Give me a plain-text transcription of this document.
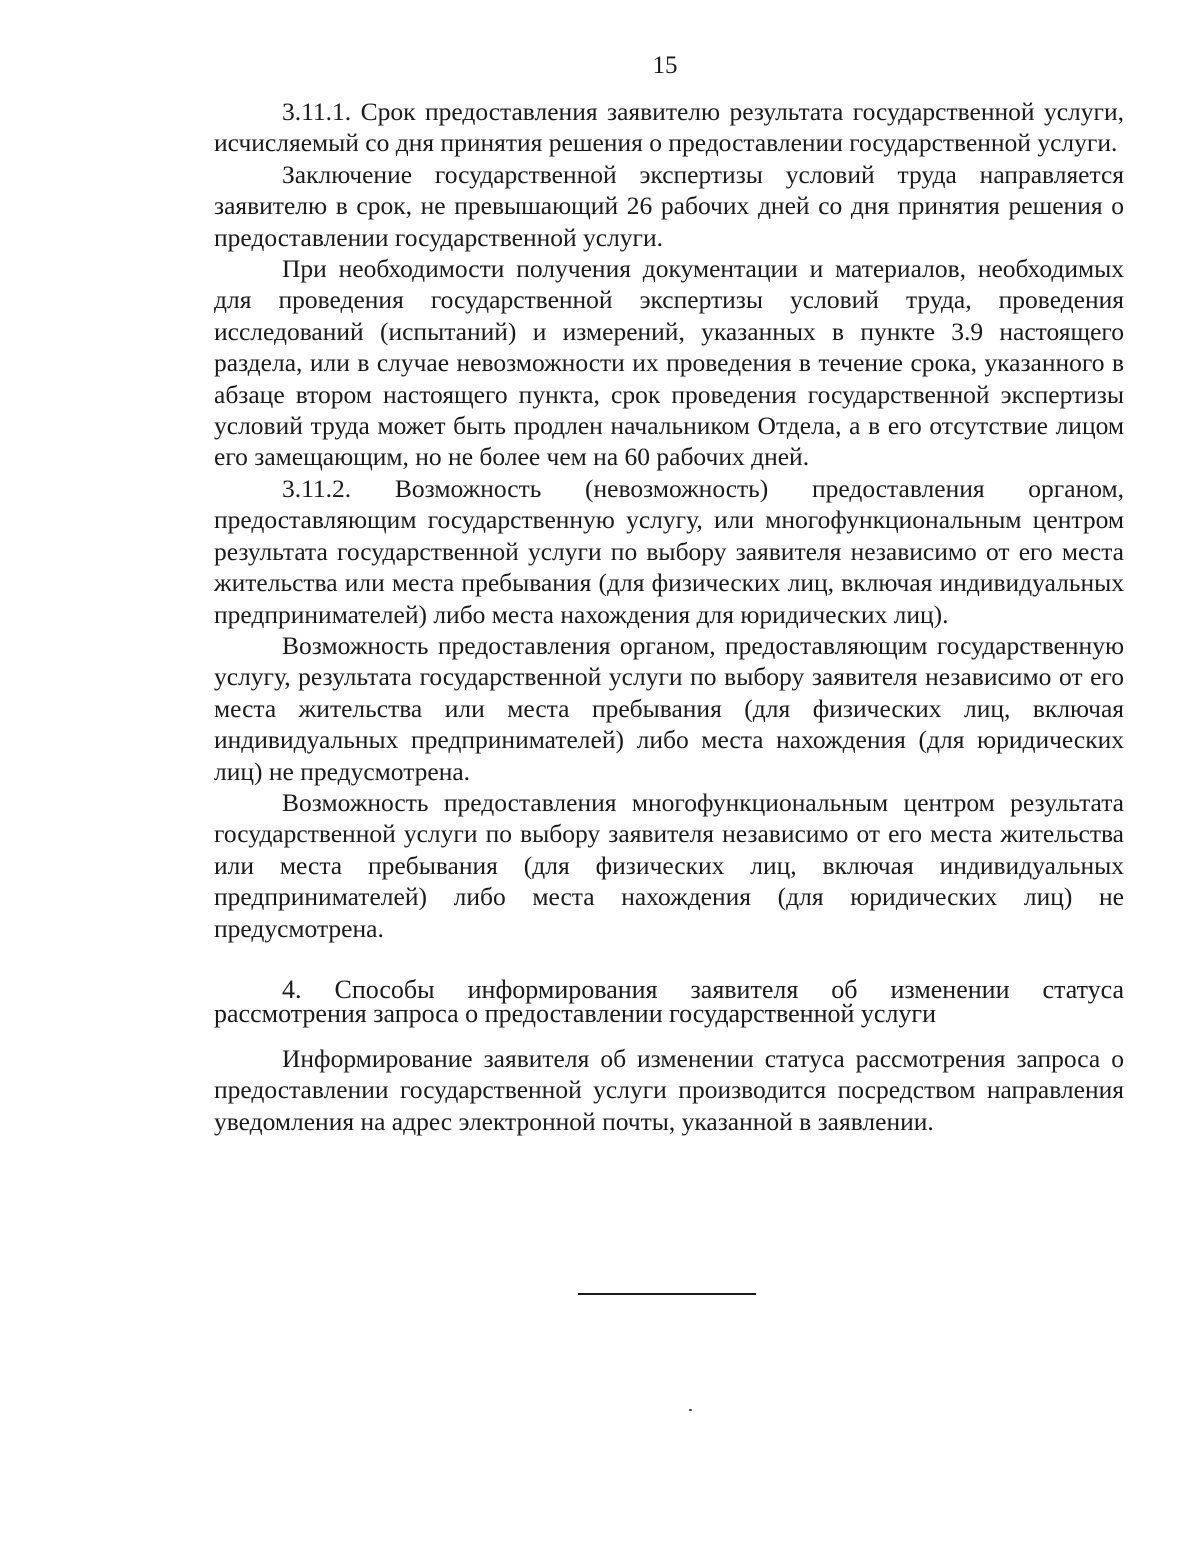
15

3.11.1. Срок предоставления заявителю результата государственной услуги, исчисляемый со дня принятия решения о предоставлении государственной услуги.

Заключение государственной экспертизы условий труда направляется заявителю в срок, не превышающий 26 рабочих дней со дня принятия решения о предоставлении государственной услуги.

При необходимости получения документации и материалов, необходимых для проведения государственной экспертизы условий труда, проведения исследований (испытаний) и измерений, указанных в пункте 3.9 настоящего раздела, или в случае невозможности их проведения в течение срока, указанного в абзаце втором настоящего пункта, срок проведения государственной экспертизы условий труда может быть продлен начальником Отдела, а в его отсутствие лицом его замещающим, но не более чем на 60 рабочих дней.

3.11.2. Возможность (невозможность) предоставления органом, предоставляющим государственную услугу, или многофункциональным центром результата государственной услуги по выбору заявителя независимо от его места жительства или места пребывания (для физических лиц, включая индивидуальных предпринимателей) либо места нахождения для юридических лиц).

Возможность предоставления органом, предоставляющим государственную услугу, результата государственной услуги по выбору заявителя независимо от его места жительства или места пребывания (для физических лиц, включая индивидуальных предпринимателей) либо места нахождения (для юридических лиц) не предусмотрена.

Возможность предоставления многофункциональным центром результата государственной услуги по выбору заявителя независимо от его места жительства или места пребывания (для физических лиц, включая индивидуальных предпринимателей) либо места нахождения (для юридических лиц) не предусмотрена.

4. Способы информирования заявителя об изменении статуса рассмотрения запроса о предоставлении государственной услуги

Информирование заявителя об изменении статуса рассмотрения запроса о предоставлении государственной услуги производится посредством направления уведомления на адрес электронной почты, указанной в заявлении.
